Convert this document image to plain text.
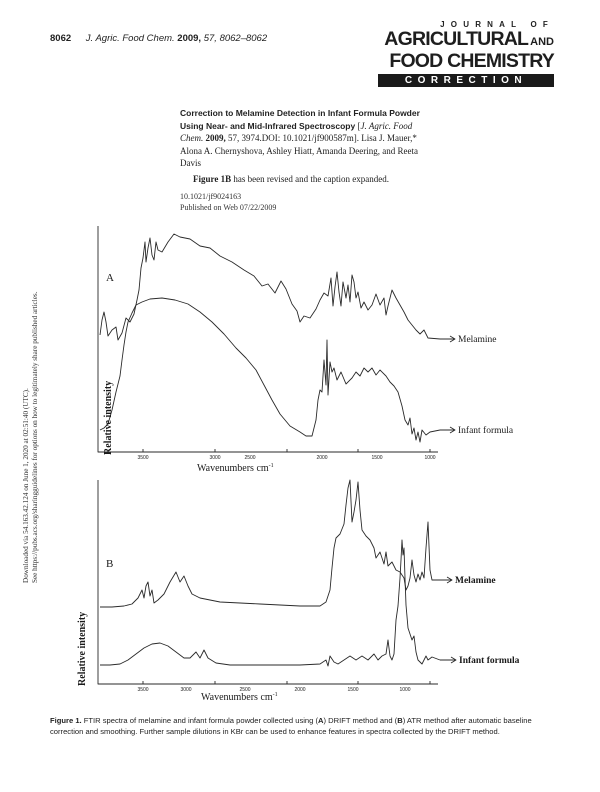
8062 J. Agric. Food Chem. 2009, 57, 8062–8062
JOURNAL OF
AGRICULTURAL AND
FOOD CHEMISTRY
CORRECTION
Correction to Melamine Detection in Infant Formula Powder Using Near- and Mid-Infrared Spectroscopy [J. Agric. Food Chem. 2009, 57, 3974.DOI: 10.1021/jf900587m]. Lisa J. Mauer,* Alona A. Chernyshova, Ashley Hiatt, Amanda Deering, and Reeta Davis
Figure 1B has been revised and the caption expanded.
10.1021/jf9024163
Published on Web 07/22/2009
Downloaded via 54.163.42.124 on June 1, 2020 at 02:51:40 (UTC). See https://pubs.acs.org/sharingguidelines for options on how to legitimately share published articles.
A
Relative intensity
Melamine
Infant formula
3500	3000	2500	2000	1500	1000
Wavenumbers $cm^{-1}$
B
Relative intensity
Melamine
Infant formula
3500	3000	2500	2000	1500	1000
Wavenumbers $cm^{-1}$
Figure 1. FTIR spectra of melamine and infant formula powder collected using (A) DRIFT method and (B) ATR method after automatic baseline correction and smoothing. Further sample dilutions in KBr can be used to enhance features in spectra collected by the DRIFT method.
